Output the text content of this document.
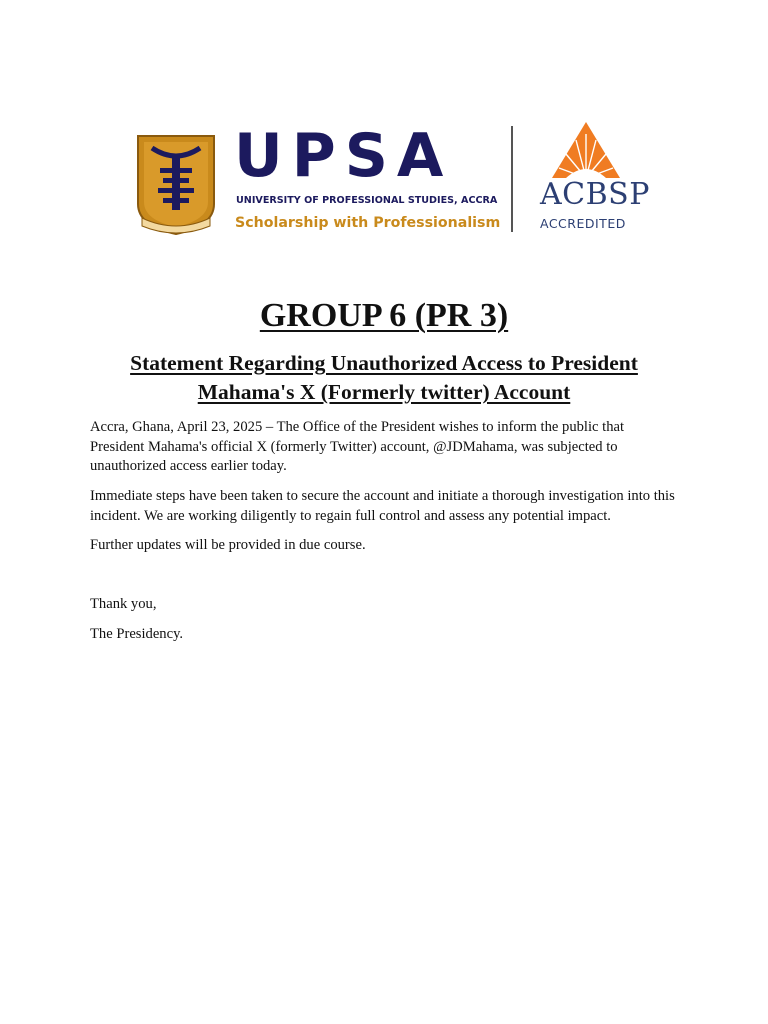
UPSA
UNIVERSITY OF PROFESSIONAL STUDIES, ACCRA
Scholarship with Professionalism
ACBSP
ACCREDITED
GROUP 6 (PR 3)
Statement Regarding Unauthorized Access to President Mahama's X (Formerly twitter) Account

Accra, Ghana, April 23, 2025 – The Office of the President wishes to inform the public that President Mahama's official X (formerly Twitter) account, @JDMahama, was subjected to unauthorized access earlier today.

Immediate steps have been taken to secure the account and initiate a thorough investigation into this incident. We are working diligently to regain full control and assess any potential impact.

Further updates will be provided in due course.

Thank you,

The Presidency.
